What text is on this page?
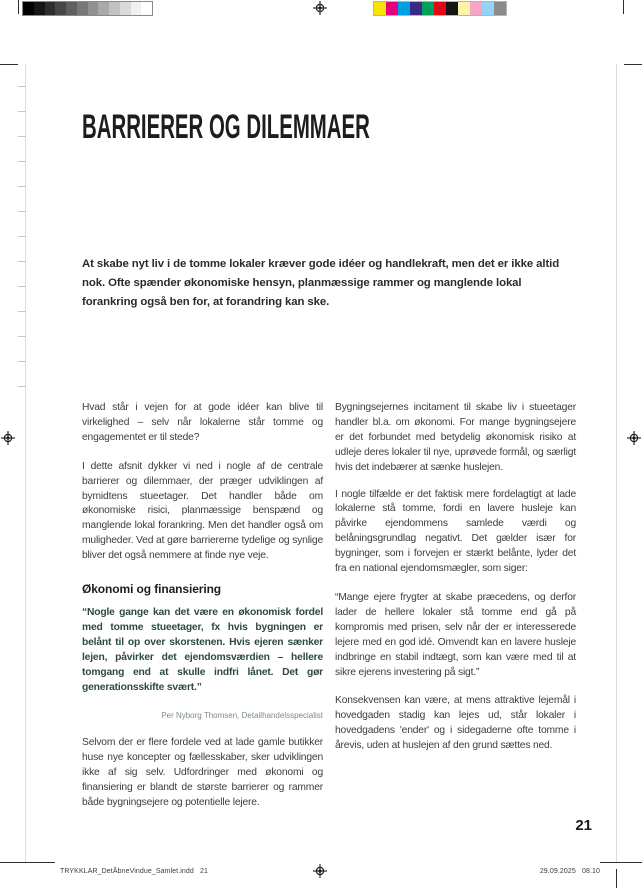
BARRIERER OG DILEMMAER
At skabe nyt liv i de tomme lokaler kræver gode idéer og handlekraft, men det er ikke altid nok. Ofte spænder økonomiske hensyn, planmæssige rammer og manglende lokal forankring også ben for, at forandring kan ske.

Hvad står i vejen for at gode idéer kan blive til virkelighed – selv når lokalerne står tomme og engagementet er til stede?

I dette afsnit dykker vi ned i nogle af de centrale barrierer og dilemmaer, der præger udviklingen af bymidtens stueetager. Det handler både om økonomiske risici, planmæssige benspænd og manglende lokal forankring. Men det handler også om muligheder. Ved at gøre barriererne tydelige og synlige bliver det også nemmere at finde nye veje.

Økonomi og finansiering

“Nogle gange kan det være en økonomisk fordel med tomme stueetager, fx hvis bygningen er belånt til op over skorstenen. Hvis ejeren sænker lejen, påvirker det ejendomsværdien – hellere tomgang end at skulle indfri lånet. Det gør generationsskifte svært.”

Per Nyborg Thomsen, Detailhandelsspecialist

Selvom der er flere fordele ved at lade gamle butikker huse nye koncepter og fællesskaber, sker udviklingen ikke af sig selv. Udfordringer med økonomi og finansiering er blandt de største barrierer og rammer både bygningsejere og potentielle lejere.

Bygningsejernes incitament til skabe liv i stueetager handler bl.a. om økonomi. For mange bygningsejere er det forbundet med betydelig økonomisk risiko at udleje deres lokaler til nye, uprøvede formål, og særligt hvis det indebærer at sænke huslejen.

I nogle tilfælde er det faktisk mere fordelagtigt at lade lokalerne stå tomme, fordi en lavere husleje kan påvirke ejendommens samlede værdi og belåningsgrundlag negativt. Det gælder især for bygninger, som i forvejen er stærkt belånte, lyder det fra en national ejendomsmægler, som siger:

“Mange ejere frygter at skabe præcedens, og derfor lader de hellere lokaler stå tomme end gå på kompromis med prisen, selv når der er interesserede lejere med en god idé. Omvendt kan en lavere husleje indbringe en stabil indtægt, som kan være med til at sikre ejerens investering på sigt.”

Konsekvensen kan være, at mens attraktive lejemål i hovedgaden stadig kan lejes ud, står lokaler i hovedgadens 'ender' og i sidegaderne ofte tomme i årevis, uden at huslejen af den grund sættes ned.

21
TRYKKLAR_DetÅbneVindue_Samlet.indd   21	29.09.2025   08.10
